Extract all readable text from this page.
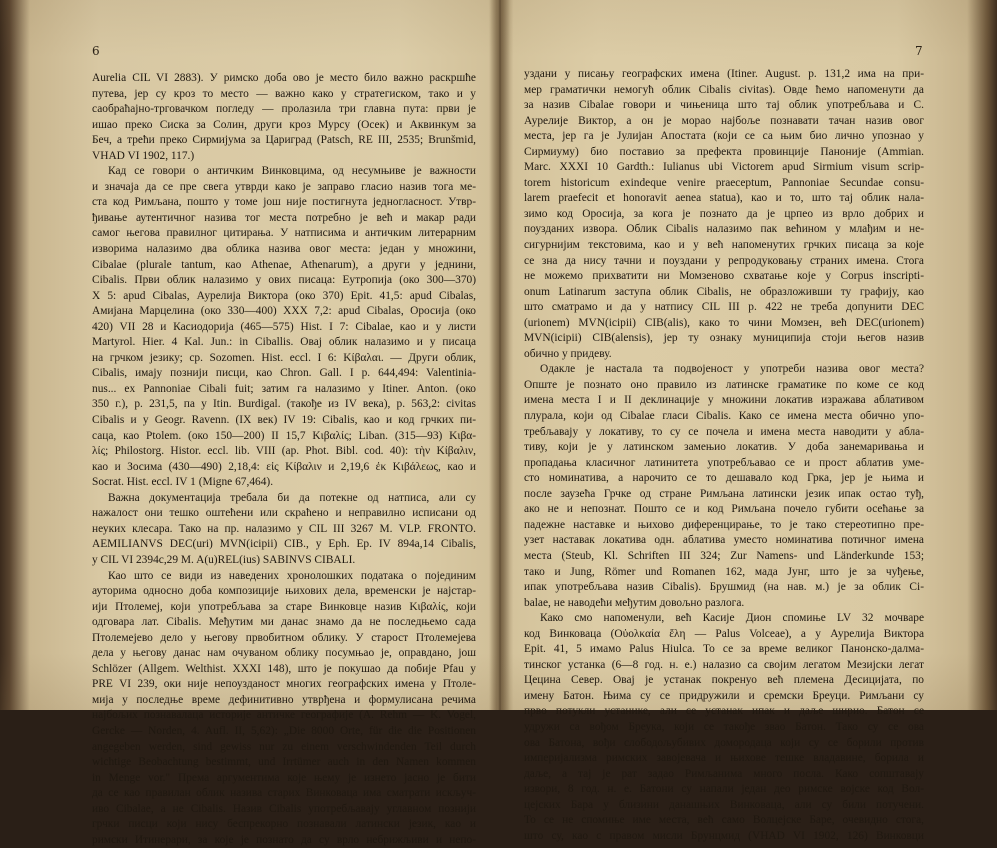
6
Aurelia CIL VI 2883). У римско доба ово је место било важно раскршће
путева, јер су кроз то место — важно како у стратегиском, тако и у
саобраћајно-трговачком погледу — пролазила три главна пута: први је
ишао преко Сиска за Солин, други кроз Мурсу (Осек) и Аквинкум за
Беч, а трећи преко Сирмијума за Цариград (Patsch, RE III, 2535; Brunšmid,
VHAD VI 1902, 117.)
Кад се говори о античким Винковцима, од несумњиве је важности
и значаја да се пре свега утврди како је заправо гласио назив тога ме-
ста код Римљана, пошто у томе још није постигнута једногласност. Утвр-
ђивање аутентичног назива тог места потребно је већ и макар ради
самог његова правилног цитирања. У натписима и античким литерарним
изворима налазимо два облика назива овог места: један у множини,
Cibalae (plurale tantum, као Athenae, Athenarum), а други у једнини,
Cibalis. Први облик налазимо у ових писаца: Еутропија (око 300—370)
X 5: apud Cibalas, Аурелија Виктора (око 370) Epit. 41,5: apud Cibalas,
Амијана Марцелина (око 330—400) XXX 7,2: apud Cibalas, Оросија (око
420) VII 28 и Касиодорија (465—575) Hist. I 7: Cibalae, као и у листи
Martyrol. Hier. 4 Kal. Jun.: in Ciballis. Овај облик налазимо и у писаца
на грчком језику; ср. Sozomen. Hist. eccl. I 6: Κίβαλαι. — Други облик,
Cibalis, имају познији писци, као Chron. Gall. I p. 644,494: Valentinia-
nus... ex Pannoniae Cibali fuit; затим га налазимо у Itiner. Anton. (око
350 г.), p. 231,5, па у Itin. Burdigal. (такође из IV века), p. 563,2: civitas
Cibalis и у Geogr. Ravenn. (IX век) IV 19: Cibalis, као и код грчких пи-
саца, као Ptolem. (око 150—200) II 15,7 Κιβαλίς; Liban. (315—93) Κιβα-
λίς; Philostorg. Histor. eccl. lib. VIII (ap. Phot. Bibl. cod. 40): τὴν Κίβαλιν,
као и Зосима (430—490) 2,18,4: εἰς Κίβαλιν и 2,19,6 ἐκ Κιβάλεως, као и
Socrat. Hist. eccl. IV 1 (Migne 67,464).
Важна документација требала би да потекне од натписа, али су
нажалост они тешко оштећени или скраћено и неправилно исписани од
неуких клесара. Тако на пр. налазимо у CIL III 3267 M. VLP. FRONTO.
AEMILIANVS DEC(uri) MVN(icipii) CIB., у Eph. Ep. IV 894a,14 Cibalis,
у CIL VI 2394c,29 M. A(u)REL(ius) SABINVS CIBALI.
Као што се види из наведених хронолошких података о појединим
ауторима односно доба композиције њихових дела, временски је најстар-
ији Птолемеј, који употребљава за старе Винковце назив Κιβαλίς, који
одговара лат. Cibalis. Међутим ми данас знамо да не последњемо сада
Птолемејево дело у његову првобитном облику. У старост Птолемејева
дела у његову данас нам очуваном облику посумњао је, оправдано, још
Schlözer (Allgem. Welthist. XXXI 148), што је покушао да побије Pfau у
PRE VI 239, оки није непоузданост многих географских имена у Птоле-
мија у последње време дефинитивно утврђена и формулисана речима
најбољих познавалаца историје античке географије (A. Rehm — K. Vogel,
Gercke — Norden, 4. Aufl. II, 5,62): „Die 8000 Orte, für die die Positionen
angegeben werden, sind gewiss nur zu einem verschwindenden Teil durch
wichtige Beobachtung bestimmt, und Irrtümer auch in den Namen kommen
in Menge vor." Према аргументима које њему је изнето јасно је бити
да се као правилан облик назива старих Винковаца има сматрати искључ-
иво Cibalae, а не Cibalis. Назив Cibalis употребљавају углавном познији
грчки писци који нису беспрекорно познавали латински језик, као и
римски Итинерари, за које је познато да су врло небрижљиви и непо-
7
уздани у писању географских имена (Itiner. August. p. 131,2 има на при-
мер граматички немогућ облик Cibalis civitas). Овде ћемо напоменути да
за назив Cibalae говори и чињеница што тај облик употребљава и С.
Аурелије Виктор, а он је морао најбоље познавати тачан назив овог
места, јер га је Јулијан Апостата (који се са њим био лично упознао у
Сирмиуму) био поставио за префекта провинције Паноније (Ammian.
Marc. XXXI 10 Gardth.: Iulianus ubi Victorem apud Sirmium visum scrip-
torem historicum exindeque venire praeceptum, Pannoniae Secundae consu-
larem praefecit et honoravit aenea statua), као и то, што тај облик нала-
зимо код Оросија, за кога је познато да је црпео из врло добрих и
поузданих извора. Облик Cibalis налазимо пак већином у млађим и не-
сигурнијим текстовима, као и у већ напоменутих грчких писаца за које
се зна да нису тачни и поуздани у репродуковању страних имена. Стога
не можемо прихватити ни Момзеново схватање које у Corpus inscripti-
onum Latinarum заступа облик Cibalis, не образложивши ту графију, као
што сматрамо и да у натпису CIL III p. 422 не треба допунити DEC
(urionem) MVN(icipii) CIB(alis), како то чини Момзен, већ DEC(urionem)
MVN(icipii) CIB(alensis), јер ту ознаку муниципија стоји његов назив
обично у придеву.
Одакле је настала та подвојеност у употреби назива овог места?
Опште је познато оно правило из латинске граматике по коме се код
имена места I и II деклинације у множини локатив изражава аблативом
плурала, који од Cibalae гласи Cibalis. Како се имена места обично упо-
требљавају у локативу, то су се почела и имена места наводити у абла-
тиву, који је у латинском замењио локатив. У доба занемаривања и
пропадања класичног латинитета употребљавао се и прост аблатив уме-
сто номинатива, а нарочито се то дешавало код Грка, јер је њима и
после заузећа Грчке од стране Римљана латински језик ипак остао туђ,
ако не и непознат. Пошто се и код Римљана почело губити осећање за
падежне наставке и њихово диференцирање, то је тако стереотипно пре-
узет наставак локатива одн. аблатива уместо номинатива потичног имена
места (Steub, Kl. Schriften III 324; Zur Namens- und Länderkunde 153;
тако и Jung, Römer und Romanen 162, мада Јунг, што је за чуђење,
ипак употребљава назив Cibalis). Брушмид (на нав. м.) је за облик Ci-
balae, не наводећи међутим довољно разлога.
Како смо напоменули, већ Касије Дион спомиње LV 32 мочваре
код Винковаца (Οὐολκαία ἕλη — Palus Volceae), а у Аурелија Виктора
Epit. 41, 5 имамо Palus Hiulca. То се за време великог Панонско-далма-
тинског устанка (6—8 год. н. е.) налазио са својим легатом Мезијски легат
Цецина Север. Овај је устанак покренуо већ племена Десицијата, по
имену Батон. Њима су се придружили и сремски Бреуци. Римљани су
прво потукли устанике, али се устанак ипак и даље ширио. Батон се
удружи са вођом Бреука, који се такође звао Батон. Тако су се ова
ова Батона, вођи слободољубивих домородаца који су се борили против
империјализма римских завојевача и њихове тешке владавине, борила и
даље, а тај је рат задао Римљанима много посла. Како сопштавају
извори, 8 год. н. е. Батони су напали један део римске војске код Вол-
цејских Бара у близини данашњих Винковаца, али су били потучени.
То се не спомиње име места, већ само Волцејске Баре, очевидно стога,
што су, као с правом мисли Брунцмид (VHAD VI 1902, 126) Винковци
